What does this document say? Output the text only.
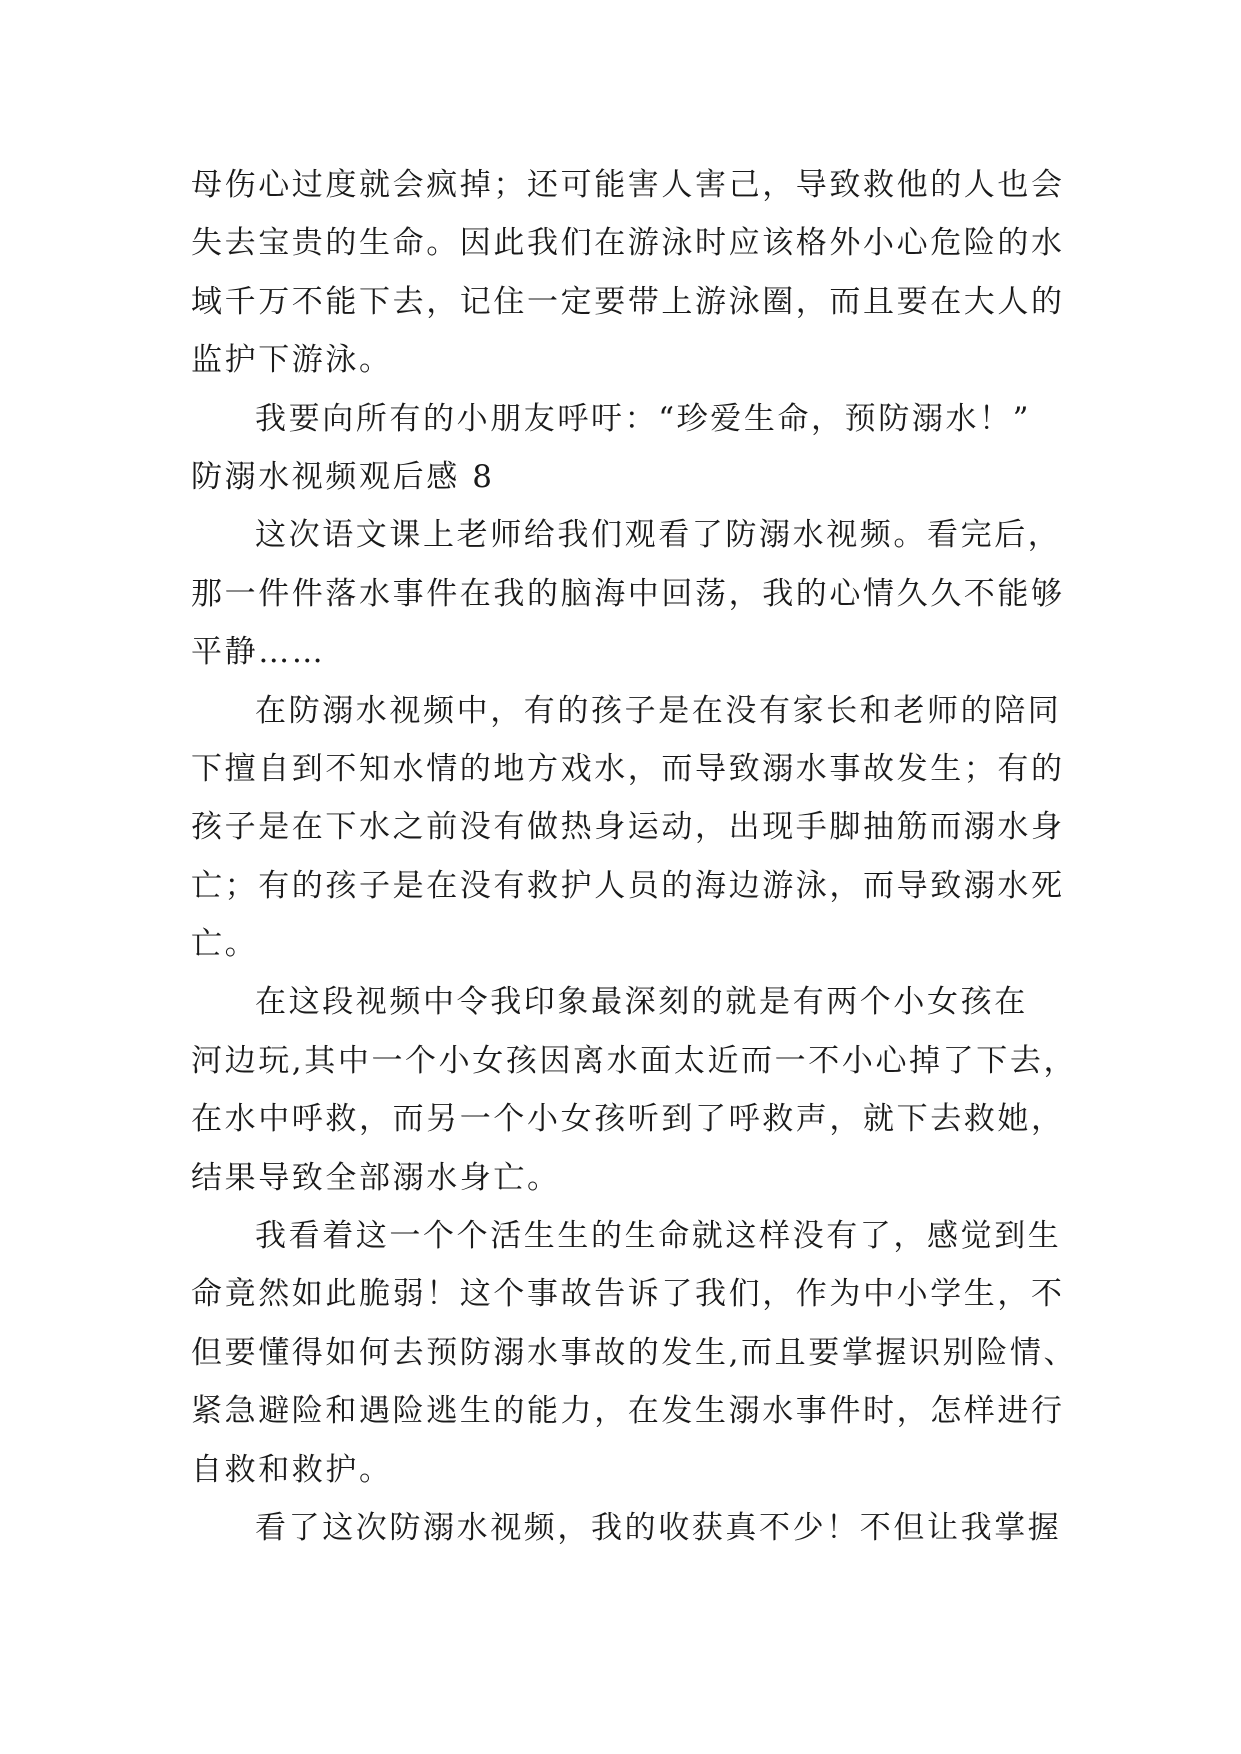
母伤心过度就会疯掉；还可能害人害己，导致救他的人也会
失去宝贵的生命。因此我们在游泳时应该格外小心危险的水
域千万不能下去，记住一定要带上游泳圈，而且要在大人的
监护下游泳。
我要向所有的小朋友呼吁：“珍爱生命，预防溺水！”
防溺水视频观后感 8
这次语文课上老师给我们观看了防溺水视频。看完后，
那一件件落水事件在我的脑海中回荡，我的心情久久不能够
平静……
在防溺水视频中，有的孩子是在没有家长和老师的陪同
下擅自到不知水情的地方戏水，而导致溺水事故发生；有的
孩子是在下水之前没有做热身运动，出现手脚抽筋而溺水身
亡；有的孩子是在没有救护人员的海边游泳，而导致溺水死
亡。
在这段视频中令我印象最深刻的就是有两个小女孩在
河边玩,其中一个小女孩因离水面太近而一不小心掉了下去，
在水中呼救，而另一个小女孩听到了呼救声，就下去救她，
结果导致全部溺水身亡。
我看着这一个个活生生的生命就这样没有了，感觉到生
命竟然如此脆弱！这个事故告诉了我们，作为中小学生，不
但要懂得如何去预防溺水事故的发生,而且要掌握识别险情、
紧急避险和遇险逃生的能力，在发生溺水事件时，怎样进行
自救和救护。
看了这次防溺水视频，我的收获真不少！不但让我掌握
